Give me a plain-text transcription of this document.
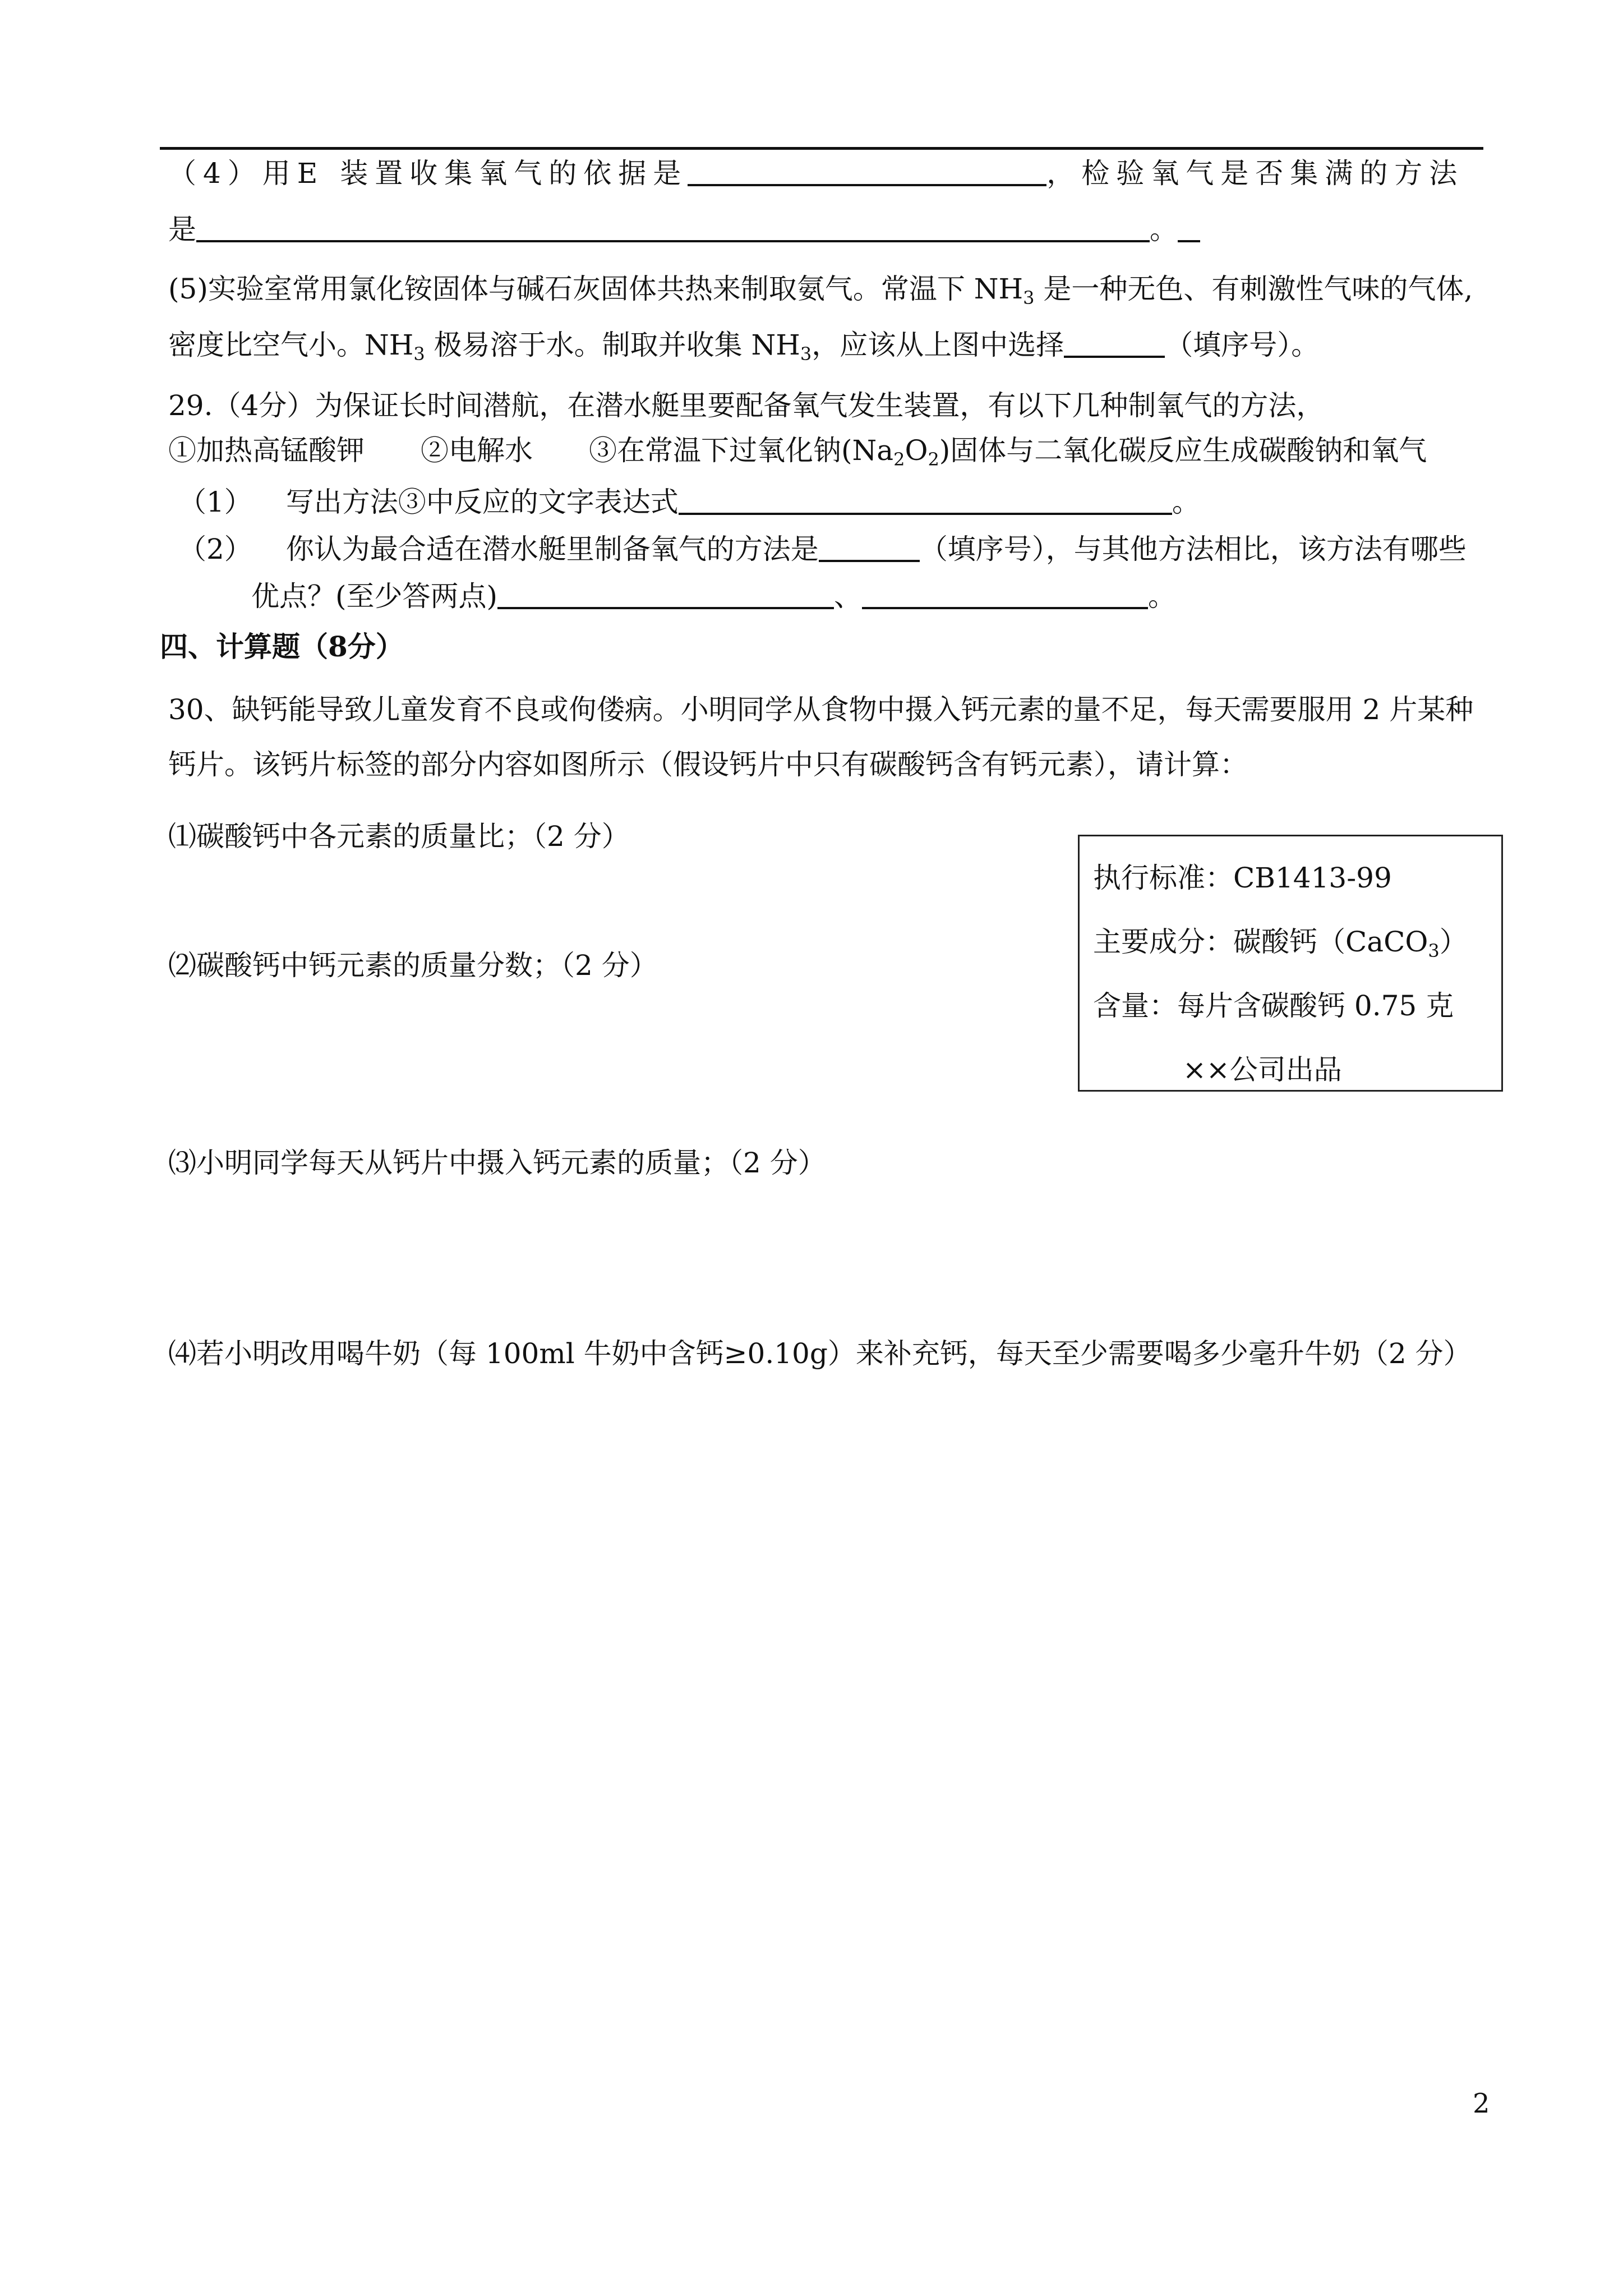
（4）用E 装置收集氧气的依据是	，检验氧气是否集满的方法
是	。
(5)实验室常用氯化铵固体与碱石灰固体共热来制取氨气。常温下 $NH_3$ 是一种无色、有刺激性气味的气体,
密度比空气小。$NH_3$ 极易溶于水。制取并收集 $NH_3$，应该从上图中选择	（填序号）。
29.（4分）为保证长时间潜航，在潜水艇里要配备氧气发生装置，有以下几种制氧气的方法，
①加热高锰酸钾 ②电解水 ③在常温下过氧化钠$(Na_2O_2)$固体与二氧化碳反应生成碳酸钠和氧气
（1） 写出方法③中反应的文字表达式	。
（2） 你认为最合适在潜水艇里制备氧气的方法是	（填序号），与其他方法相比，该方法有哪些
优点？(至少答两点)	、	。
四、计算题（8分）
30、缺钙能导致儿童发育不良或佝偻病。小明同学从食物中摄入钙元素的量不足，每天需要服用 2 片某种
钙片。该钙片标签的部分内容如图所示（假设钙片中只有碳酸钙含有钙元素），请计算：
⑴碳酸钙中各元素的质量比；（2 分）
⑵碳酸钙中钙元素的质量分数；（2 分）
⑶小明同学每天从钙片中摄入钙元素的质量；（2 分）
⑷若小明改用喝牛奶（每 100ml 牛奶中含钙≥0.10g）来补充钙，每天至少需要喝多少毫升牛奶（2 分）
执行标准：CB1413-99
主要成分：碳酸钙（CaCO$_3$）
含量：每片含碳酸钙 0.75 克
××公司出品
2
